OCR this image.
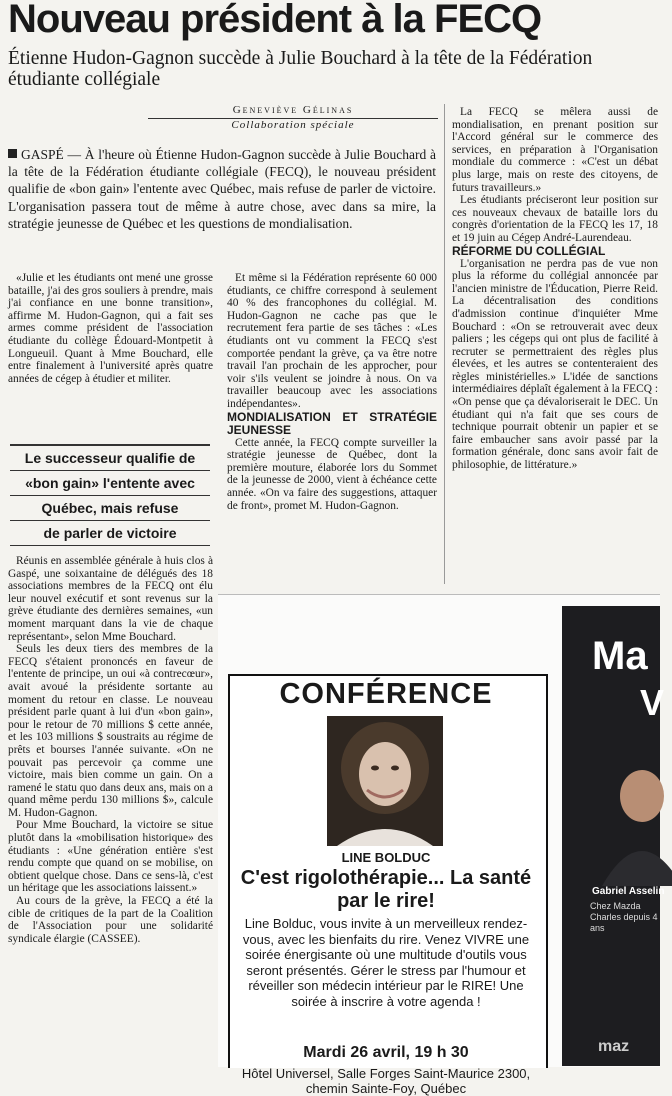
Nouveau président à la FECQ
Étienne Hudon-Gagnon succède à Julie Bouchard à la tête de la Fédération étudiante collégiale
Geneviève Gélinas
Collaboration spéciale
GASPÉ — À l'heure où Étienne Hudon-Gagnon succède à Julie Bouchard à la tête de la Fédération étudiante collégiale (FECQ), le nouveau président qualifie de «bon gain» l'entente avec Québec, mais refuse de parler de victoire. L'organisation passera tout de même à autre chose, avec dans sa mire, la stratégie jeunesse de Québec et les questions de mondialisation.

«Julie et les étudiants ont mené une grosse bataille, j'ai des gros souliers à prendre, mais j'ai confiance en une bonne transition», affirme M. Hudon-Gagnon, qui a fait ses armes comme président de l'association étudiante du collège Édouard-Montpetit à Longueuil. Quant à Mme Bouchard, elle entre finalement à l'université après quatre années de cégep à étudier et militer.

Le successeur qualifie de
«bon gain» l'entente avec
Québec, mais refuse
de parler de victoire

Réunis en assemblée générale à huis clos à Gaspé, une soixantaine de délégués des 18 associations membres de la FECQ ont élu leur nouvel exécutif et sont revenus sur la grève étudiante des dernières semaines, «un moment marquant dans la vie de chaque représentant», selon Mme Bouchard.

Seuls les deux tiers des membres de la FECQ s'étaient prononcés en faveur de l'entente de principe, un oui «à contrecœur», avait avoué la présidente sortante au moment du retour en classe. Le nouveau président parle quant à lui d'un «bon gain», pour le retour de 70 millions $ cette année, et les 103 millions $ soustraits au régime de prêts et bourses l'année suivante. «On ne pouvait pas percevoir ça comme une victoire, mais bien comme un gain. On a ramené le statu quo dans deux ans, mais on a quand même perdu 130 millions $», calcule M. Hudon-Gagnon.

Pour Mme Bouchard, la victoire se situe plutôt dans la «mobilisation historique» des étudiants : «Une génération entière s'est rendu compte que quand on se mobilise, on obtient quelque chose. Dans ce sens-là, c'est un héritage que les associations laissent.»

Au cours de la grève, la FECQ a été la cible de critiques de la part de la Coalition de l'Association pour une solidarité syndicale élargie (CASSEE).

Et même si la Fédération représente 60 000 étudiants, ce chiffre correspond à seulement 40 % des francophones du collégial. M. Hudon-Gagnon ne cache pas que le recrutement fera partie de ses tâches : «Les étudiants ont vu comment la FECQ s'est comportée pendant la grève, ça va être notre travail l'an prochain de les approcher, pour voir s'ils veulent se joindre à nous. On va travailler beaucoup avec les associations indépendantes».

MONDIALISATION ET STRATÉGIE JEUNESSE

Cette année, la FECQ compte surveiller la stratégie jeunesse de Québec, dont la première mouture, élaborée lors du Sommet de la jeunesse de 2000, vient à échéance cette année. «On va faire des suggestions, attaquer de front», promet M. Hudon-Gagnon.

La FECQ se mêlera aussi de mondialisation, en prenant position sur l'Accord général sur le commerce des services, en préparation à l'Organisation mondiale du commerce : «C'est un débat plus large, mais on reste des citoyens, de futurs travailleurs.»

Les étudiants préciseront leur position sur ces nouveaux chevaux de bataille lors du congrès d'orientation de la FECQ les 17, 18 et 19 juin au Cégep André-Laurendeau.

RÉFORME DU COLLÉGIAL

L'organisation ne perdra pas de vue non plus la réforme du collégial annoncée par l'ancien ministre de l'Éducation, Pierre Reid. La décentralisation des conditions d'admission continue d'inquiéter Mme Bouchard : «On se retrouverait avec deux paliers ; les cégeps qui ont plus de facilité à recruter se permettraient des règles plus élevées, et les autres se contenteraient des règles ministérielles.» L'idée de sanctions intermédiaires déplaît également à la FECQ : «On pense que ça dévaloriserait le DEC. Un étudiant qui n'a fait que ses cours de technique pourrait obtenir un papier et se faire embaucher sans avoir passé par la formation générale, donc sans avoir fait de philosophie, de littérature.»

CONFÉRENCE
LINE BOLDUC
C'est rigolothérapie... La santé par le rire!
Line Bolduc, vous invite à un merveilleux rendez-vous, avec les bienfaits du rire. Venez VIVRE une soirée énergisante où une multitude d'outils vous seront présentés. Gérer le stress par l'humour et réveiller son médecin intérieur par le RIRE! Une soirée à inscrire à votre agenda !
Mardi 26 avril, 19 h 30
Hôtel Universel, Salle Forges Saint-Maurice 2300, chemin Sainte-Foy, Québec
Ma
V
Gabriel Asselin
Chez Mazda Charles depuis 4 ans
maz
